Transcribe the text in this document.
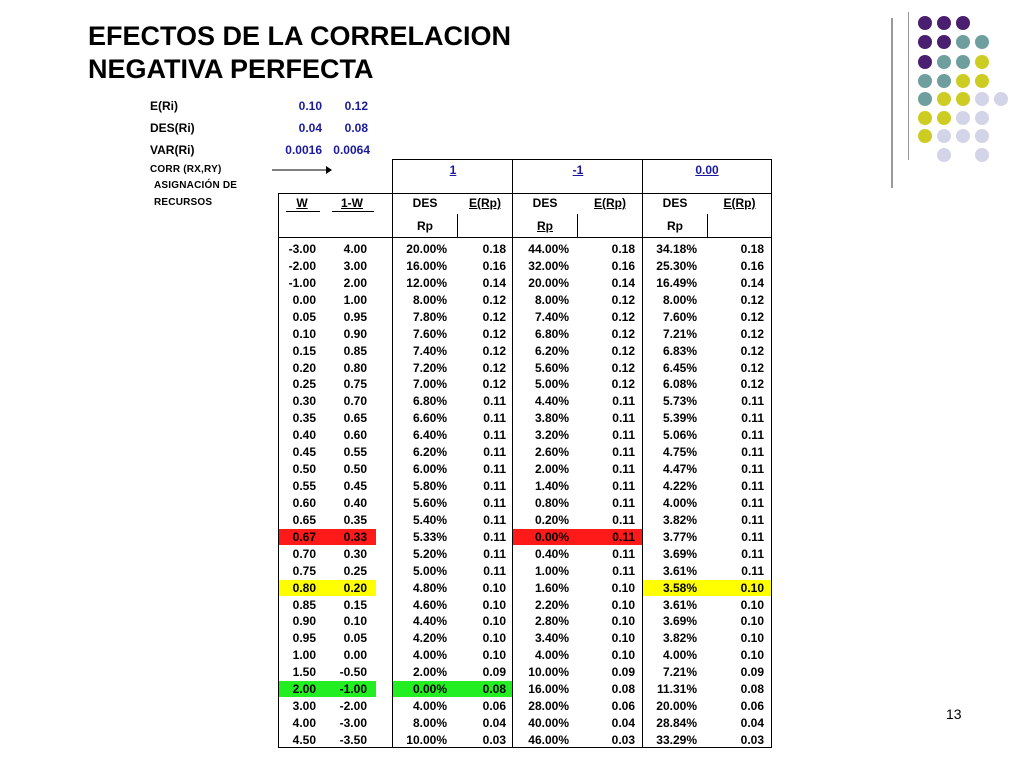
EFECTOS DE LA CORRELACION
NEGATIVA PERFECTA
E(Ri)	0.10	0.12
DES(Ri)	0.04	0.08
VAR(Ri)	0.0016 0.0064
CORR (RX,RY)
ASIGNACIÓN DE
RECURSOS
1	-1	0.00
W	1-W	DES	E(Rp)	DES	E(Rp)	DES	E(Rp)
Rp	Rp	Rp
-3.00	4.00	20.00%	0.18	44.00%	0.18	34.18%	0.18
-2.00	3.00	16.00%	0.16	32.00%	0.16	25.30%	0.16
-1.00	2.00	12.00%	0.14	20.00%	0.14	16.49%	0.14
0.00	1.00	8.00%	0.12	8.00%	0.12	8.00%	0.12
0.05	0.95	7.80%	0.12	7.40%	0.12	7.60%	0.12
0.10	0.90	7.60%	0.12	6.80%	0.12	7.21%	0.12
0.15	0.85	7.40%	0.12	6.20%	0.12	6.83%	0.12
0.20	0.80	7.20%	0.12	5.60%	0.12	6.45%	0.12
0.25	0.75	7.00%	0.12	5.00%	0.12	6.08%	0.12
0.30	0.70	6.80%	0.11	4.40%	0.11	5.73%	0.11
0.35	0.65	6.60%	0.11	3.80%	0.11	5.39%	0.11
0.40	0.60	6.40%	0.11	3.20%	0.11	5.06%	0.11
0.45	0.55	6.20%	0.11	2.60%	0.11	4.75%	0.11
0.50	0.50	6.00%	0.11	2.00%	0.11	4.47%	0.11
0.55	0.45	5.80%	0.11	1.40%	0.11	4.22%	0.11
0.60	0.40	5.60%	0.11	0.80%	0.11	4.00%	0.11
0.65	0.35	5.40%	0.11	0.20%	0.11	3.82%	0.11
0.67	0.33	5.33%	0.11	0.00%	0.11	3.77%	0.11
0.70	0.30	5.20%	0.11	0.40%	0.11	3.69%	0.11
0.75	0.25	5.00%	0.11	1.00%	0.11	3.61%	0.11
0.80	0.20	4.80%	0.10	1.60%	0.10	3.58%	0.10
0.85	0.15	4.60%	0.10	2.20%	0.10	3.61%	0.10
0.90	0.10	4.40%	0.10	2.80%	0.10	3.69%	0.10
0.95	0.05	4.20%	0.10	3.40%	0.10	3.82%	0.10
1.00	0.00	4.00%	0.10	4.00%	0.10	4.00%	0.10
1.50	-0.50	2.00%	0.09	10.00%	0.09	7.21%	0.09
2.00	-1.00	0.00%	0.08	16.00%	0.08	11.31%	0.08
3.00	-2.00	4.00%	0.06	28.00%	0.06	20.00%	0.06
4.00	-3.00	8.00%	0.04	40.00%	0.04	28.84%	0.04
4.50	-3.50	10.00%	0.03	46.00%	0.03	33.29%	0.03
13
